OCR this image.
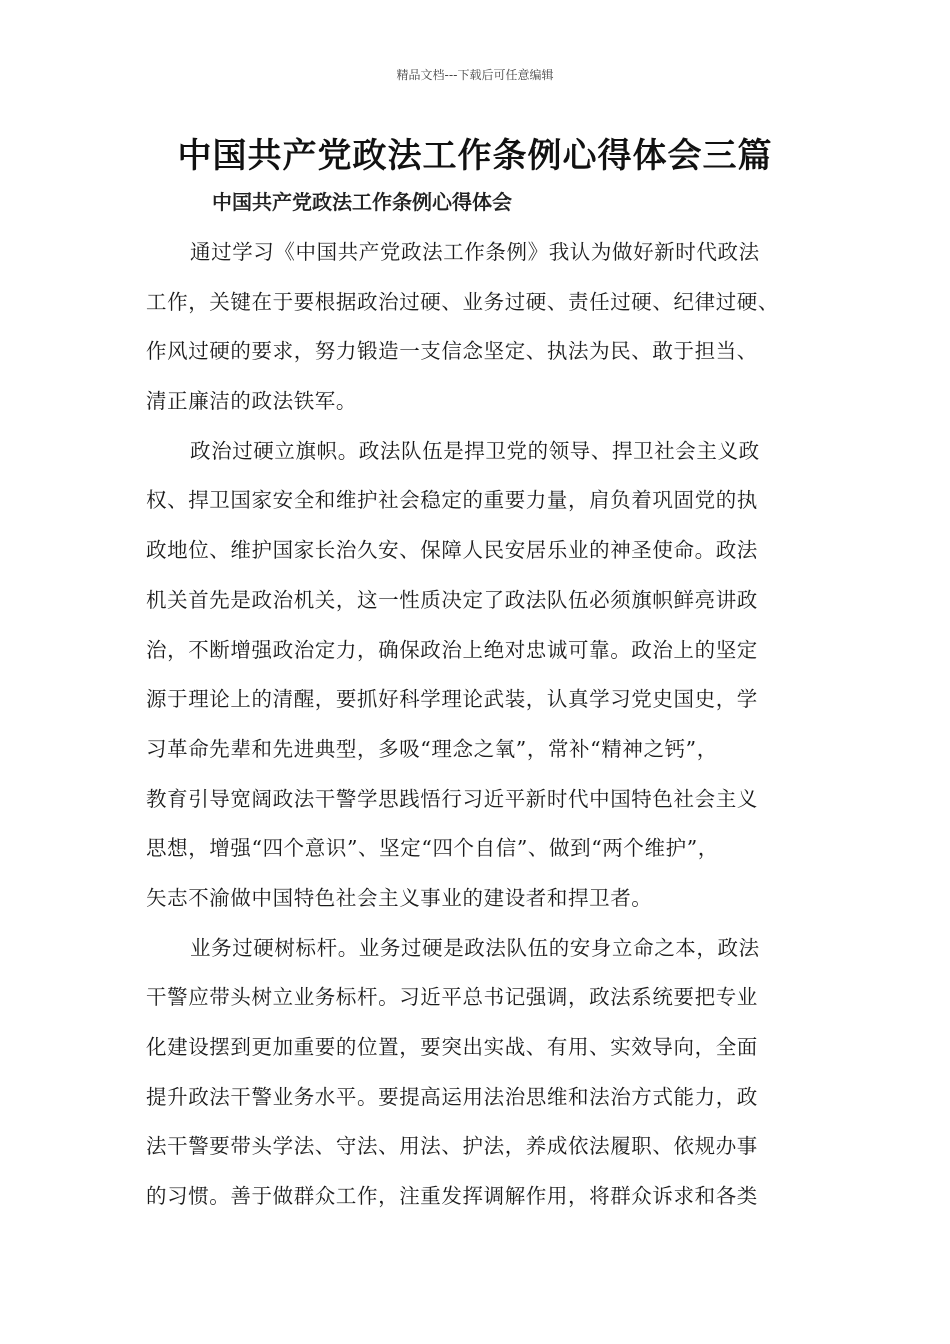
精品文档---下载后可任意编辑
中国共产党政法工作条例心得体会三篇
中国共产党政法工作条例心得体会
通过学习《中国共产党政法工作条例》我认为做好新时代政法
工作，关键在于要根据政治过硬、业务过硬、责任过硬、纪律过硬、
作风过硬的要求，努力锻造一支信念坚定、执法为民、敢于担当、
清正廉洁的政法铁军。
政治过硬立旗帜。政法队伍是捍卫党的领导、捍卫社会主义政
权、捍卫国家安全和维护社会稳定的重要力量，肩负着巩固党的执
政地位、维护国家长治久安、保障人民安居乐业的神圣使命。政法
机关首先是政治机关，这一性质决定了政法队伍必须旗帜鲜亮讲政
治，不断增强政治定力，确保政治上绝对忠诚可靠。政治上的坚定
源于理论上的清醒，要抓好科学理论武装，认真学习党史国史，学
习革命先辈和先进典型，多吸“理念之氧”，常补“精神之钙”，
教育引导宽阔政法干警学思践悟行习近平新时代中国特色社会主义
思想，增强“四个意识”、坚定“四个自信”、做到“两个维护”，
矢志不渝做中国特色社会主义事业的建设者和捍卫者。
业务过硬树标杆。业务过硬是政法队伍的安身立命之本，政法
干警应带头树立业务标杆。习近平总书记强调，政法系统要把专业
化建设摆到更加重要的位置，要突出实战、有用、实效导向，全面
提升政法干警业务水平。要提高运用法治思维和法治方式能力，政
法干警要带头学法、守法、用法、护法，养成依法履职、依规办事
的习惯。善于做群众工作，注重发挥调解作用，将群众诉求和各类
